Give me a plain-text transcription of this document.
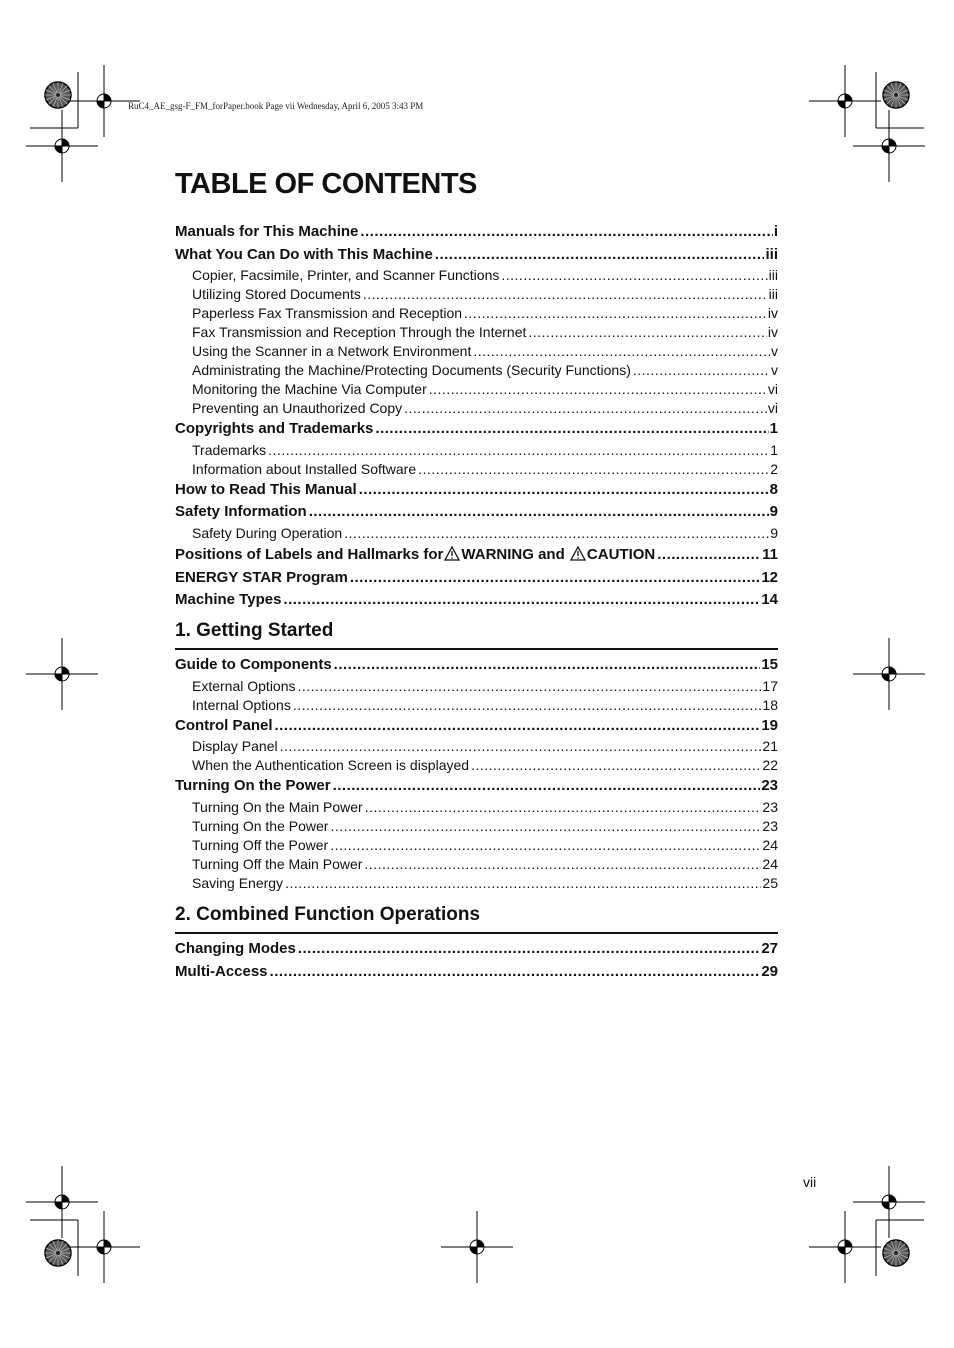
RuC4_AE_gsg-F_FM_forPaper.book Page vii Wednesday, April 6, 2005 3:43 PM
TABLE OF CONTENTS
Manuals for This Machine .....	i
What You Can Do with This Machine .....	iii
Copier, Facsimile, Printer, and Scanner Functions .....	iii
Utilizing Stored Documents .....	iii
Paperless Fax Transmission and Reception .....	iv
Fax Transmission and Reception Through the Internet .....	iv
Using the Scanner in a Network Environment .....	v
Administrating the Machine/Protecting Documents (Security Functions) .....	v
Monitoring the Machine Via Computer .....	vi
Preventing an Unauthorized Copy .....	vi
Copyrights and Trademarks .....	1
Trademarks .....	1
Information about Installed Software .....	2
How to Read This Manual .....	8
Safety Information .....	9
Safety During Operation .....	9
Positions of Labels and Hallmarks for WARNING and CAUTION .....	11
ENERGY STAR Program .....	12
Machine Types .....	14
1. Getting Started
Guide to Components .....	15
External Options .....	17
Internal Options .....	18
Control Panel .....	19
Display Panel .....	21
When the Authentication Screen is displayed .....	22
Turning On the Power .....	23
Turning On the Main Power .....	23
Turning On the Power .....	23
Turning Off the Power .....	24
Turning Off the Main Power .....	24
Saving Energy .....	25
2. Combined Function Operations
Changing Modes .....	27
Multi-Access .....	29
vii
